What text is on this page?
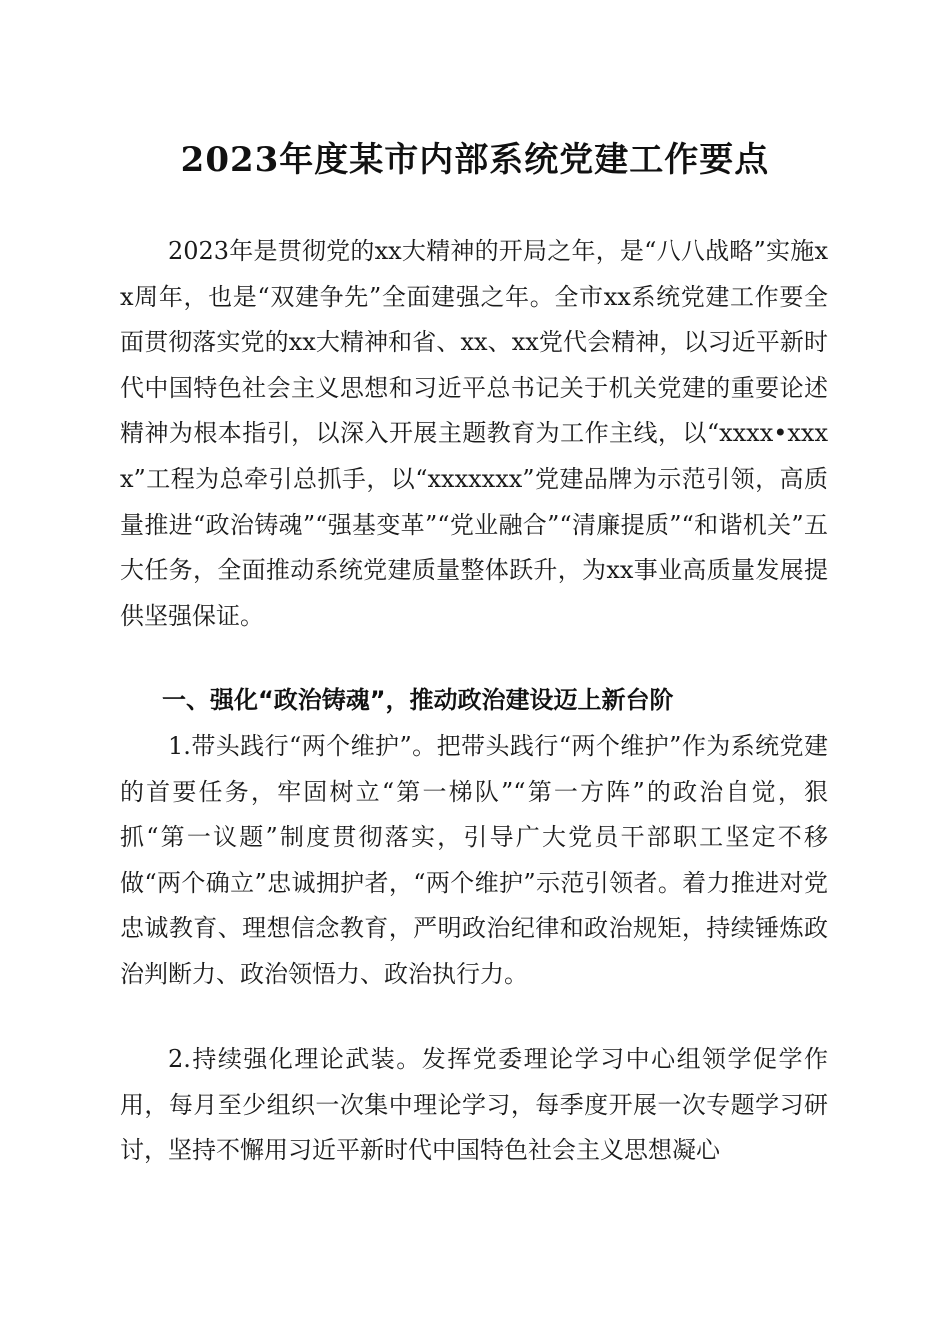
2023年度某市内部系统党建工作要点

2023年是贯彻党的xx大精神的开局之年，是“八八战略”实施xx周年，也是“双建争先”全面建强之年。全市xx系统党建工作要全面贯彻落实党的xx大精神和省、xx、xx党代会精神，以习近平新时代中国特色社会主义思想和习近平总书记关于机关党建的重要论述精神为根本指引，以深入开展主题教育为工作主线，以“xxxx•xxxx”工程为总牵引总抓手，以“xxxxxxx”党建品牌为示范引领，高质量推进“政治铸魂”“强基变革”“党业融合”“清廉提质”“和谐机关”五大任务，全面推动系统党建质量整体跃升，为xx事业高质量发展提供坚强保证。

一、强化“政治铸魂”，推动政治建设迈上新台阶

1.带头践行“两个维护”。把带头践行“两个维护”作为系统党建的首要任务，牢固树立“第一梯队”“第一方阵”的政治自觉，狠抓“第一议题”制度贯彻落实，引导广大党员干部职工坚定不移做“两个确立”忠诚拥护者，“两个维护”示范引领者。着力推进对党忠诚教育、理想信念教育，严明政治纪律和政治规矩，持续锤炼政治判断力、政治领悟力、政治执行力。

2.持续强化理论武装。发挥党委理论学习中心组领学促学作用，每月至少组织一次集中理论学习，每季度开展一次专题学习研讨，坚持不懈用习近平新时代中国特色社会主义思想凝心
